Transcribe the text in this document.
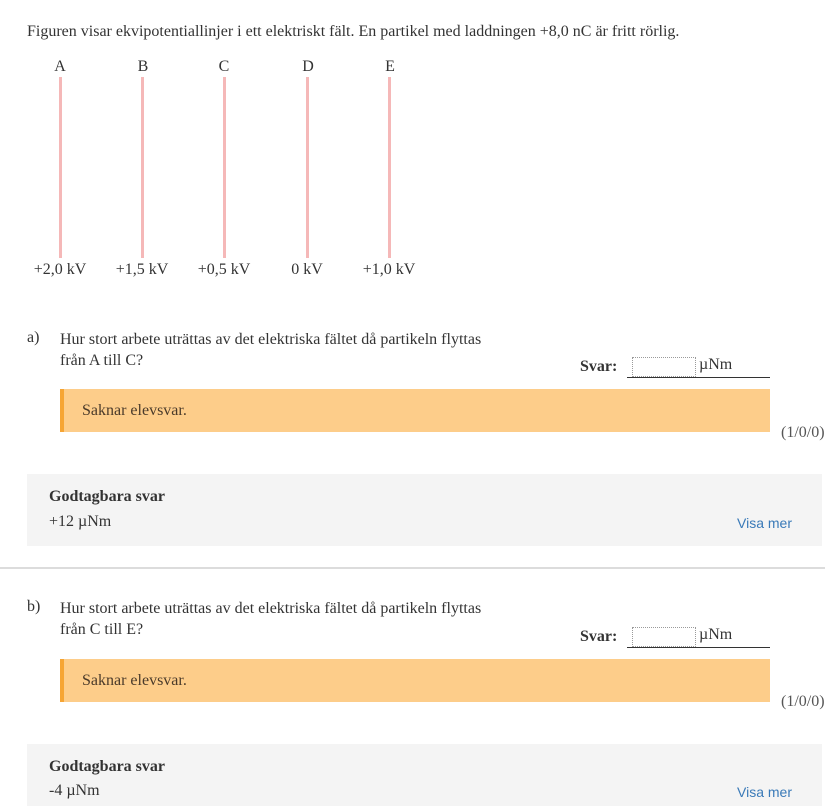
Figuren visar ekvipotentiallinjer i ett elektriskt fält. En partikel med laddningen +8,0 nC är fritt rörlig.
A	B	C	D	E
+2,0 kV	+1,5 kV	+0,5 kV	0 kV	+1,0 kV
a) Hur stort arbete uträttas av det elektriska fältet då partikeln flyttas
från A till C?	Svar:	µNm
Saknar elevsvar.
(1/0/0)
Godtagbara svar
+12 µNm	Visa mer
b) Hur stort arbete uträttas av det elektriska fältet då partikeln flyttas
från C till E?	Svar:	µNm
Saknar elevsvar.
(1/0/0)
Godtagbara svar
-4 µNm	Visa mer
